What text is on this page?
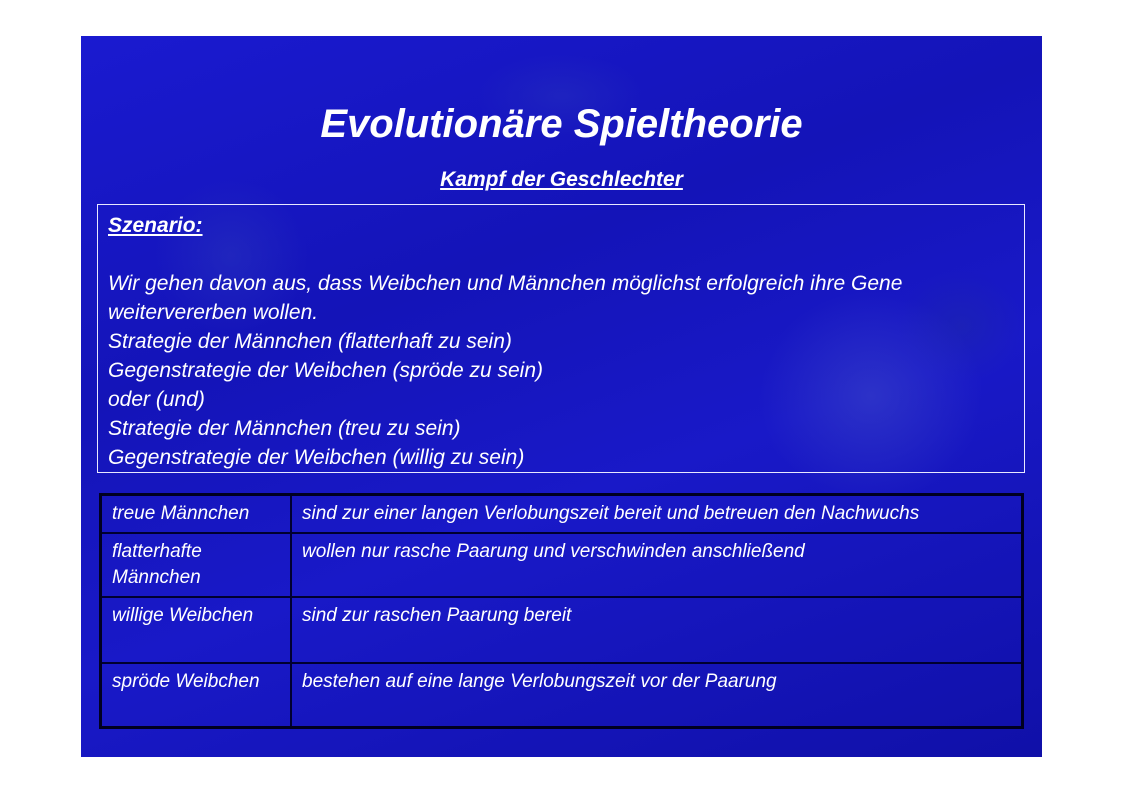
Evolutionäre Spieltheorie
Kampf der Geschlechter
Szenario:
Wir gehen davon aus, dass Weibchen und Männchen möglichst erfolgreich ihre Gene weitervererben wollen.
Strategie der Männchen (flatterhaft zu sein)
Gegenstrategie der Weibchen (spröde zu sein)
oder (und)
Strategie der Männchen (treu zu sein)
Gegenstrategie der Weibchen (willig zu sein)
treue Männchen	sind zur einer langen Verlobungszeit bereit und betreuen den Nachwuchs
flatterhafte Männchen	wollen nur rasche Paarung und verschwinden anschließend
willige Weibchen	sind zur raschen Paarung bereit
spröde Weibchen	bestehen auf eine lange Verlobungszeit vor der Paarung
